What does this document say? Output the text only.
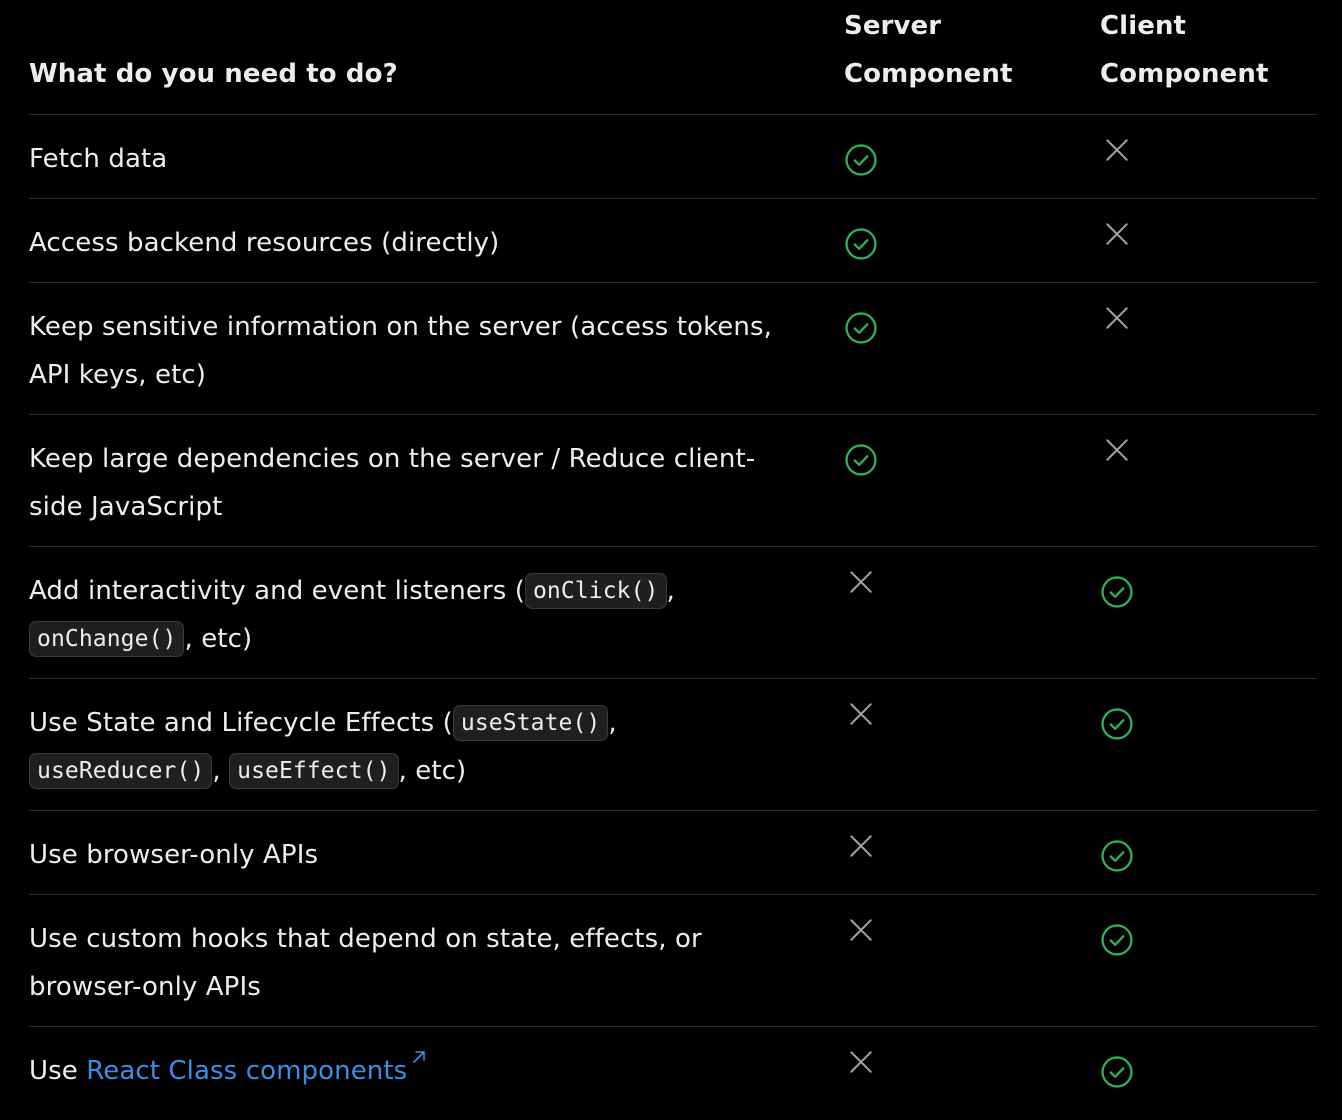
What do you need to do?
Server Component
Client Component
Fetch data
Access backend resources (directly)
Keep sensitive information on the server (access tokens, API keys, etc)
Keep large dependencies on the server / Reduce client-side JavaScript
Add interactivity and event listeners ( onClick() ,
onChange() , etc)
Use State and Lifecycle Effects ( useState() ,
useReducer() , useEffect() , etc)
Use browser-only APIs
Use custom hooks that depend on state, effects, or browser-only APIs
Use React Class components
